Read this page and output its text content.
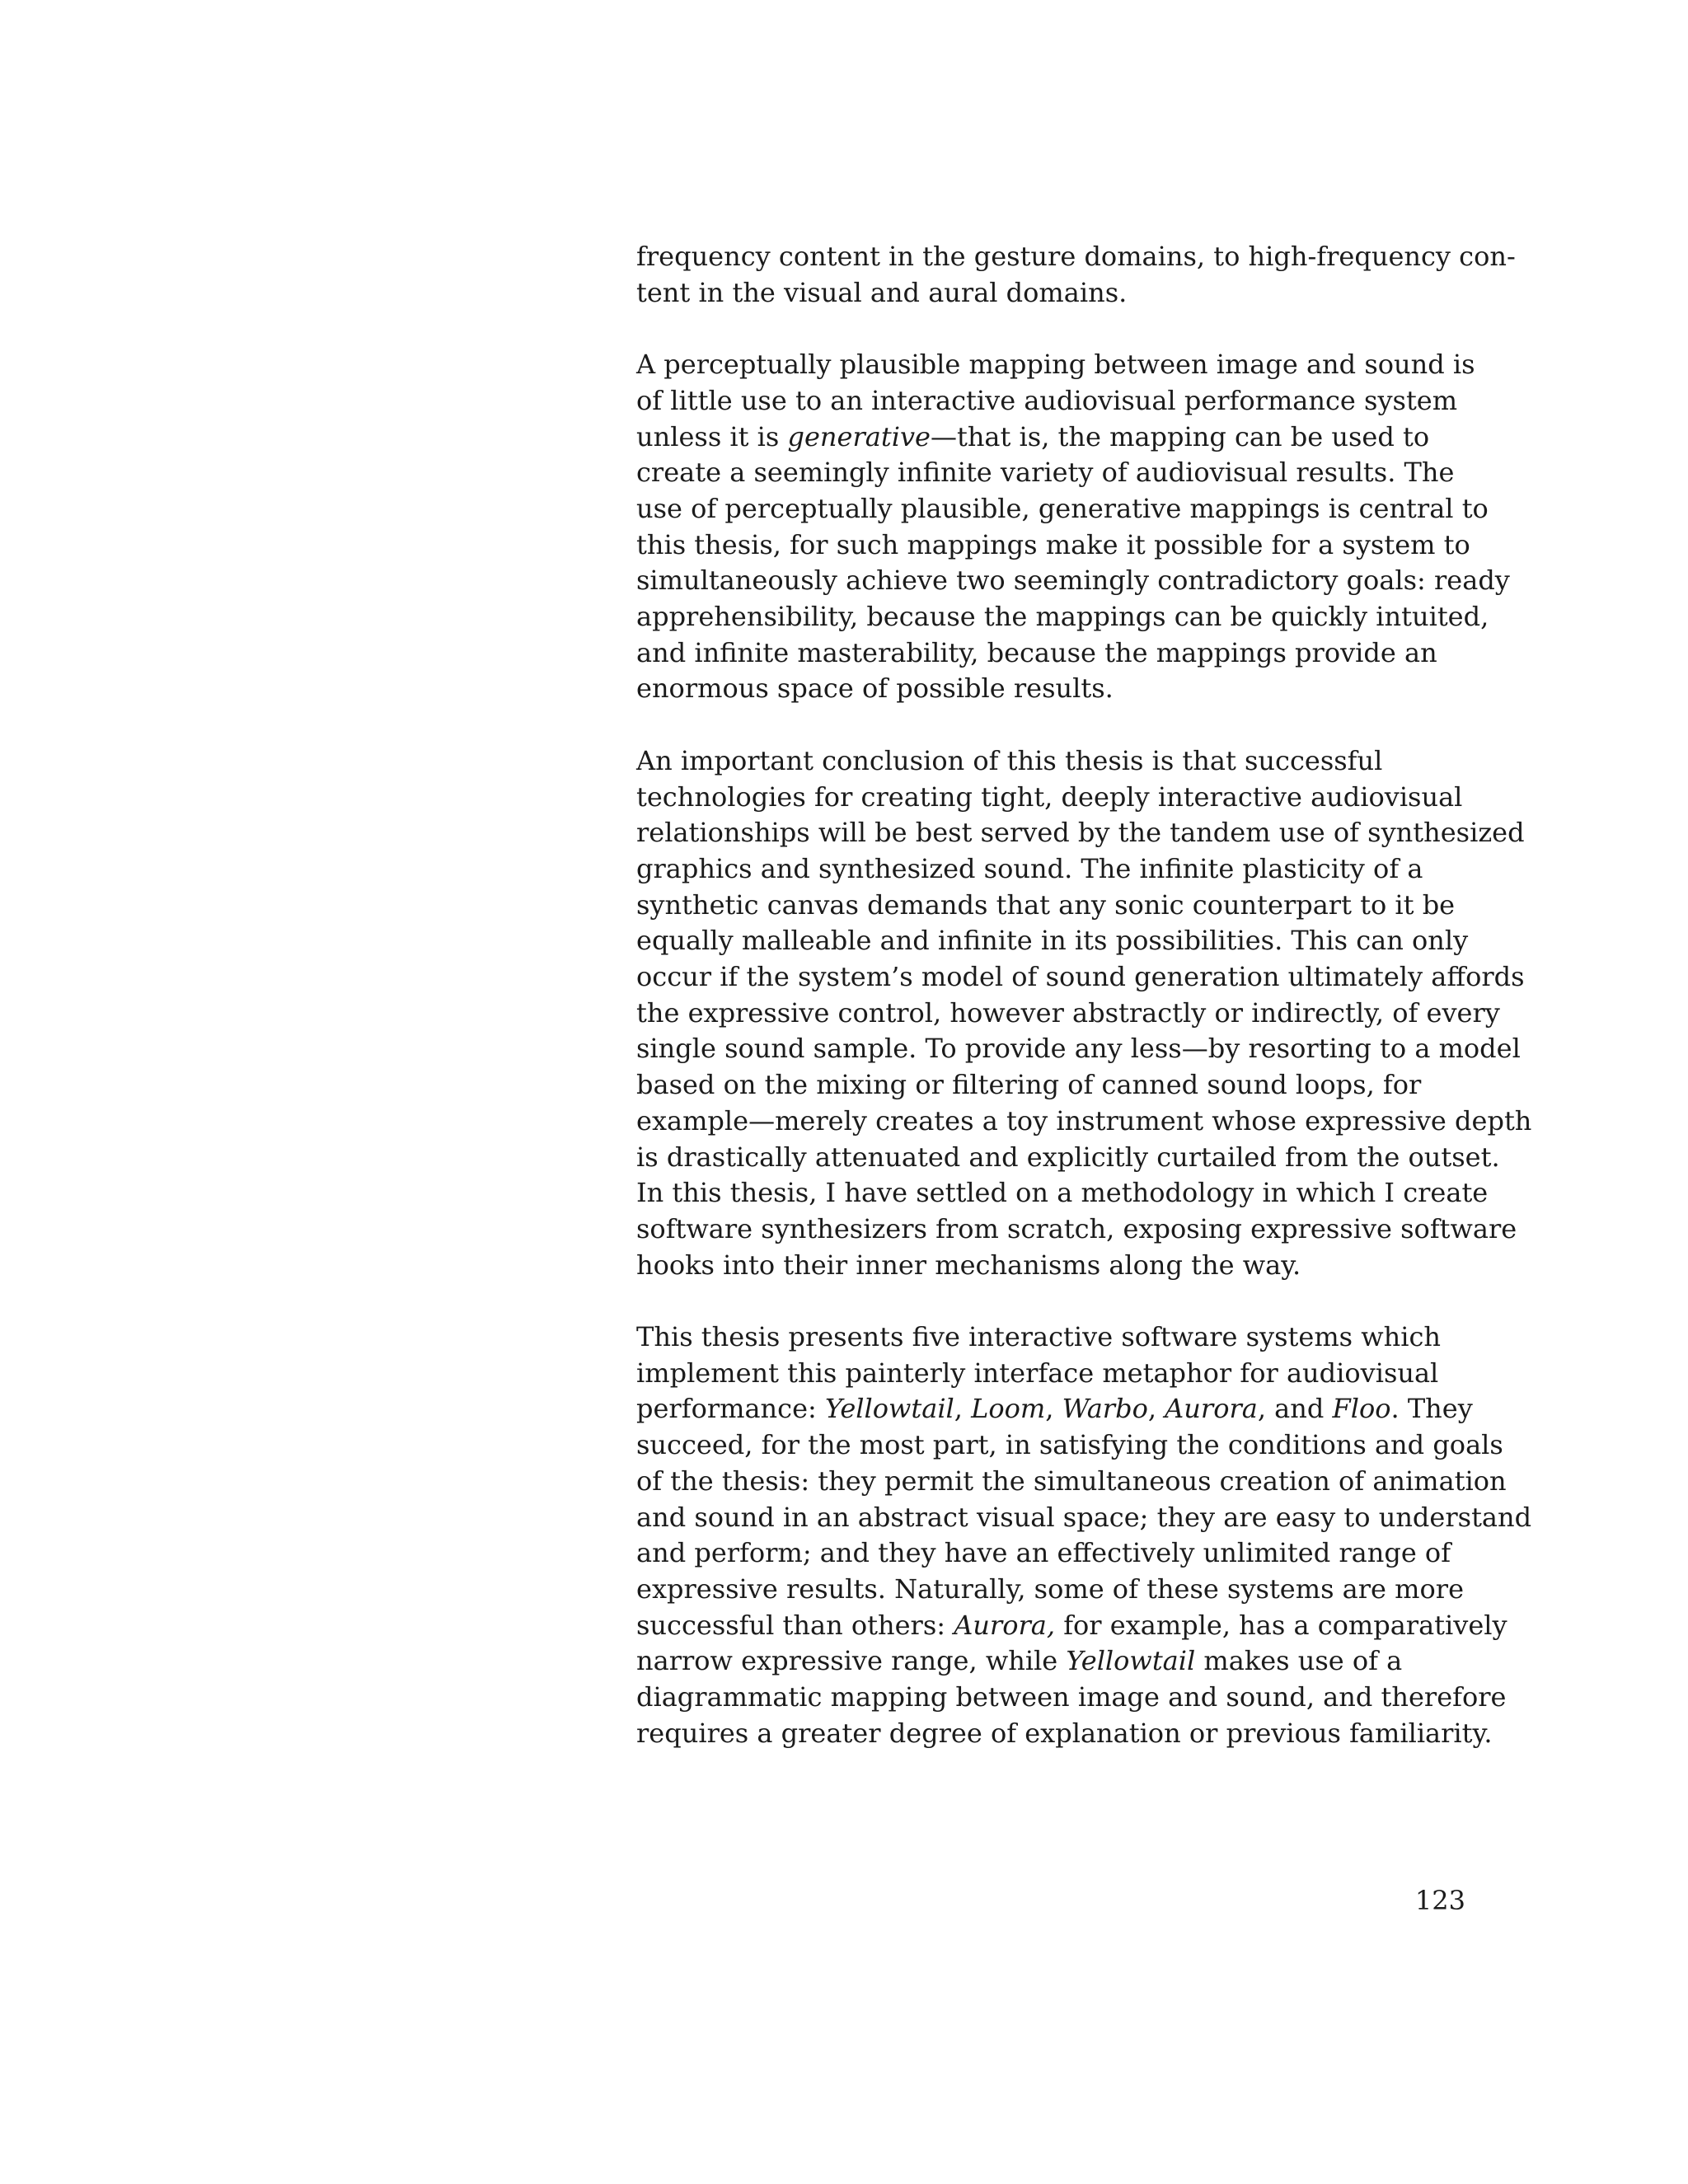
frequency content in the gesture domains, to high-frequency con-
tent in the visual and aural domains.
A perceptually plausible mapping between image and sound is
of little use to an interactive audiovisual performance system
unless it is generative—that is, the mapping can be used to
create a seemingly infinite variety of audiovisual results. The
use of perceptually plausible, generative mappings is central to
this thesis, for such mappings make it possible for a system to
simultaneously achieve two seemingly contradictory goals: ready
apprehensibility, because the mappings can be quickly intuited,
and infinite masterability, because the mappings provide an
enormous space of possible results.
An important conclusion of this thesis is that successful
technologies for creating tight, deeply interactive audiovisual
relationships will be best served by the tandem use of synthesized
graphics and synthesized sound. The infinite plasticity of a
synthetic canvas demands that any sonic counterpart to it be
equally malleable and infinite in its possibilities. This can only
occur if the system’s model of sound generation ultimately affords
the expressive control, however abstractly or indirectly, of every
single sound sample. To provide any less—by resorting to a model
based on the mixing or filtering of canned sound loops, for
example—merely creates a toy instrument whose expressive depth
is drastically attenuated and explicitly curtailed from the outset.
In this thesis, I have settled on a methodology in which I create
software synthesizers from scratch, exposing expressive software
hooks into their inner mechanisms along the way.
This thesis presents five interactive software systems which
implement this painterly interface metaphor for audiovisual
performance: Yellowtail, Loom, Warbo, Aurora, and Floo. They
succeed, for the most part, in satisfying the conditions and goals
of the thesis: they permit the simultaneous creation of animation
and sound in an abstract visual space; they are easy to understand
and perform; and they have an effectively unlimited range of
expressive results. Naturally, some of these systems are more
successful than others: Aurora, for example, has a comparatively
narrow expressive range, while Yellowtail makes use of a
diagrammatic mapping between image and sound, and therefore
requires a greater degree of explanation or previous familiarity.
123
